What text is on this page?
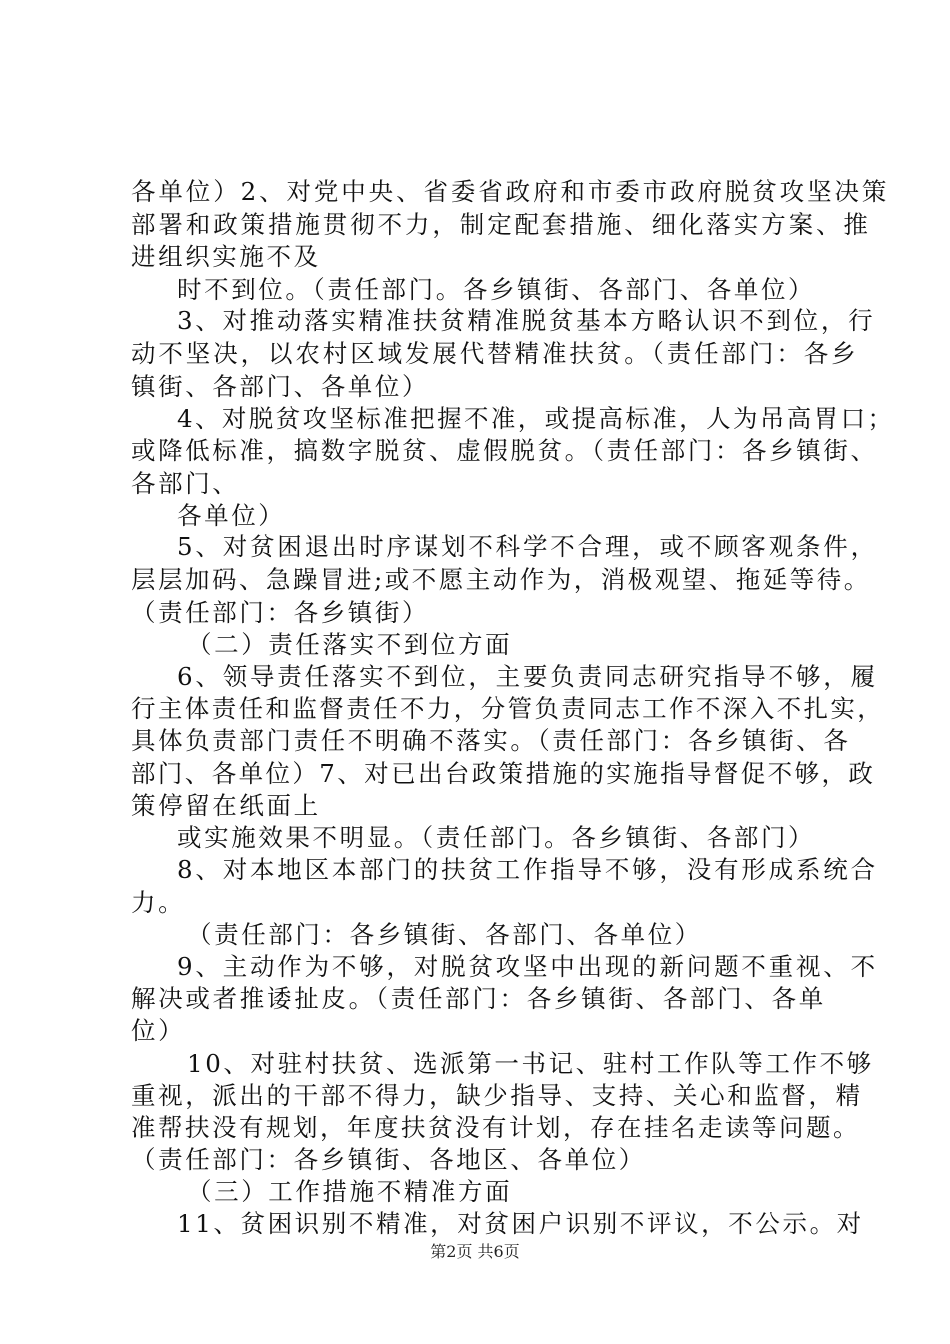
各单位）2、对党中央、省委省政府和市委市政府脱贫攻坚决策
部署和政策措施贯彻不力，制定配套措施、细化落实方案、推
进组织实施不及
时不到位。（责任部门。各乡镇街、各部门、各单位）
3、对推动落实精准扶贫精准脱贫基本方略认识不到位，行
动不坚决，以农村区域发展代替精准扶贫。（责任部门：各乡
镇街、各部门、各单位）
4、对脱贫攻坚标准把握不准，或提高标准，人为吊高胃口；
或降低标准，搞数字脱贫、虚假脱贫。（责任部门：各乡镇街、
各部门、
各单位）
5、对贫困退出时序谋划不科学不合理，或不顾客观条件，
层层加码、急躁冒进;或不愿主动作为，消极观望、拖延等待。
（责任部门：各乡镇街）
（二）责任落实不到位方面
6、领导责任落实不到位，主要负责同志研究指导不够，履
行主体责任和监督责任不力，分管负责同志工作不深入不扎实，
具体负责部门责任不明确不落实。（责任部门：各乡镇街、各
部门、各单位）7、对已出台政策措施的实施指导督促不够，政
策停留在纸面上
或实施效果不明显。（责任部门。各乡镇街、各部门）
8、对本地区本部门的扶贫工作指导不够，没有形成系统合
力。
（责任部门：各乡镇街、各部门、各单位）
9、主动作为不够，对脱贫攻坚中出现的新问题不重视、不
解决或者推诿扯皮。（责任部门：各乡镇街、各部门、各单
位）
10、对驻村扶贫、选派第一书记、驻村工作队等工作不够
重视，派出的干部不得力，缺少指导、支持、关心和监督，精
准帮扶没有规划，年度扶贫没有计划，存在挂名走读等问题。
（责任部门：各乡镇街、各地区、各单位）
（三）工作措施不精准方面
11、贫困识别不精准，对贫困户识别不评议，不公示。对
第2页 共6页
